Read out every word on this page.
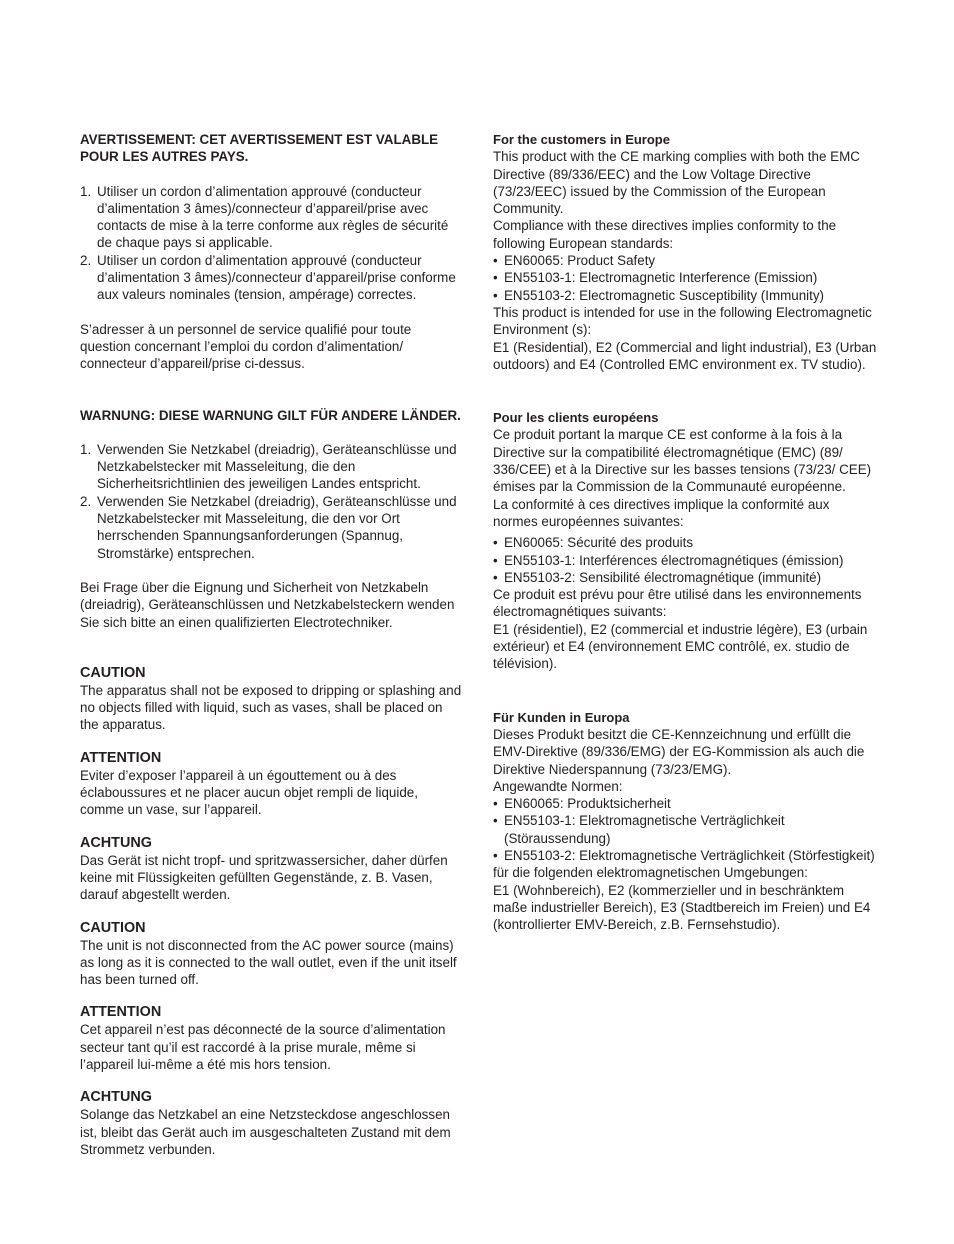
AVERTISSEMENT: CET AVERTISSEMENT EST VALABLE POUR LES AUTRES PAYS.

1. Utiliser un cordon d’alimentation approuvé (conducteur d’alimentation 3 âmes)/connecteur d’appareil/prise avec contacts de mise à la terre conforme aux règles de sécurité de chaque pays si applicable.
2. Utiliser un cordon d’alimentation approuvé (conducteur d’alimentation 3 âmes)/connecteur d’appareil/prise conforme aux valeurs nominales (tension, ampérage) correctes.

S’adresser à un personnel de service qualifié pour toute question concernant l’emploi du cordon d’alimentation/ connecteur d’appareil/prise ci-dessus.

WARNUNG: DIESE WARNUNG GILT FÜR ANDERE LÄNDER.

1. Verwenden Sie Netzkabel (dreiadrig), Geräteanschlüsse und Netzkabelstecker mit Masseleitung, die den Sicherheitsrichtlinien des jeweiligen Landes entspricht.
2. Verwenden Sie Netzkabel (dreiadrig), Geräteanschlüsse und Netzkabelstecker mit Masseleitung, die den vor Ort herrschenden Spannungsanforderungen (Spannug, Stromstärke) entsprechen.

Bei Frage über die Eignung und Sicherheit von Netzkabeln (dreiadrig), Geräteanschlüssen und Netzkabelsteckern wenden Sie sich bitte an einen qualifizierten Electrotechniker.

CAUTION

The apparatus shall not be exposed to dripping or splashing and no objects filled with liquid, such as vases, shall be placed on the apparatus.

ATTENTION

Eviter d’exposer l’appareil à un égouttement ou à des éclaboussures et ne placer aucun objet rempli de liquide, comme un vase, sur l’appareil.

ACHTUNG

Das Gerät ist nicht tropf- und spritzwassersicher, daher dürfen keine mit Flüssigkeiten gefüllten Gegenstände, z. B. Vasen, darauf abgestellt werden.

CAUTION

The unit is not disconnected from the AC power source (mains) as long as it is connected to the wall outlet, even if the unit itself has been turned off.

ATTENTION

Cet appareil n’est pas déconnecté de la source d’alimentation secteur tant qu’il est raccordé à la prise murale, même si l’appareil lui-même a été mis hors tension.

ACHTUNG

Solange das Netzkabel an eine Netzsteckdose angeschlossen ist, bleibt das Gerät auch im ausgeschalteten Zustand mit dem Strommetz verbunden.

For the customers in Europe

This product with the CE marking complies with both the EMC Directive (89/336/EEC) and the Low Voltage Directive (73/23/EEC) issued by the Commission of the European Community.

Compliance with these directives implies conformity to the following European standards:

• EN60065: Product Safety
• EN55103-1: Electromagnetic Interference (Emission)
• EN55103-2: Electromagnetic Susceptibility (Immunity)

This product is intended for use in the following Electromagnetic Environment (s):

E1 (Residential), E2 (Commercial and light industrial), E3 (Urban outdoors) and E4 (Controlled EMC environment ex. TV studio).

Pour les clients européens

Ce produit portant la marque CE est conforme à la fois à la Directive sur la compatibilité électromagnétique (EMC) (89/ 336/CEE) et à la Directive sur les basses tensions (73/23/ CEE) émises par la Commission de la Communauté européenne.

La conformité à ces directives implique la conformité aux normes européennes suivantes:

• EN60065: Sécurité des produits
• EN55103-1: Interférences électromagnétiques (émission)
• EN55103-2: Sensibilité électromagnétique (immunité)

Ce produit est prévu pour être utilisé dans les environnements électromagnétiques suivants:

E1 (résidentiel), E2 (commercial et industrie légère), E3 (urbain extérieur) et E4 (environnement EMC contrôlé, ex. studio de télévision).

Für Kunden in Europa

Dieses Produkt besitzt die CE-Kennzeichnung und erfüllt die EMV-Direktive (89/336/EMG) der EG-Kommission als auch die Direktive Niederspannung (73/23/EMG).

Angewandte Normen:

• EN60065: Produktsicherheit
• EN55103-1: Elektromagnetische Verträglichkeit (Störaussendung)
• EN55103-2: Elektromagnetische Verträglichkeit (Störfestigkeit)

für die folgenden elektromagnetischen Umgebungen:

E1 (Wohnbereich), E2 (kommerzieller und in beschränktem maße industrieller Bereich), E3 (Stadtbereich im Freien) und E4 (kontrollierter EMV-Bereich, z.B. Fernsehstudio).
